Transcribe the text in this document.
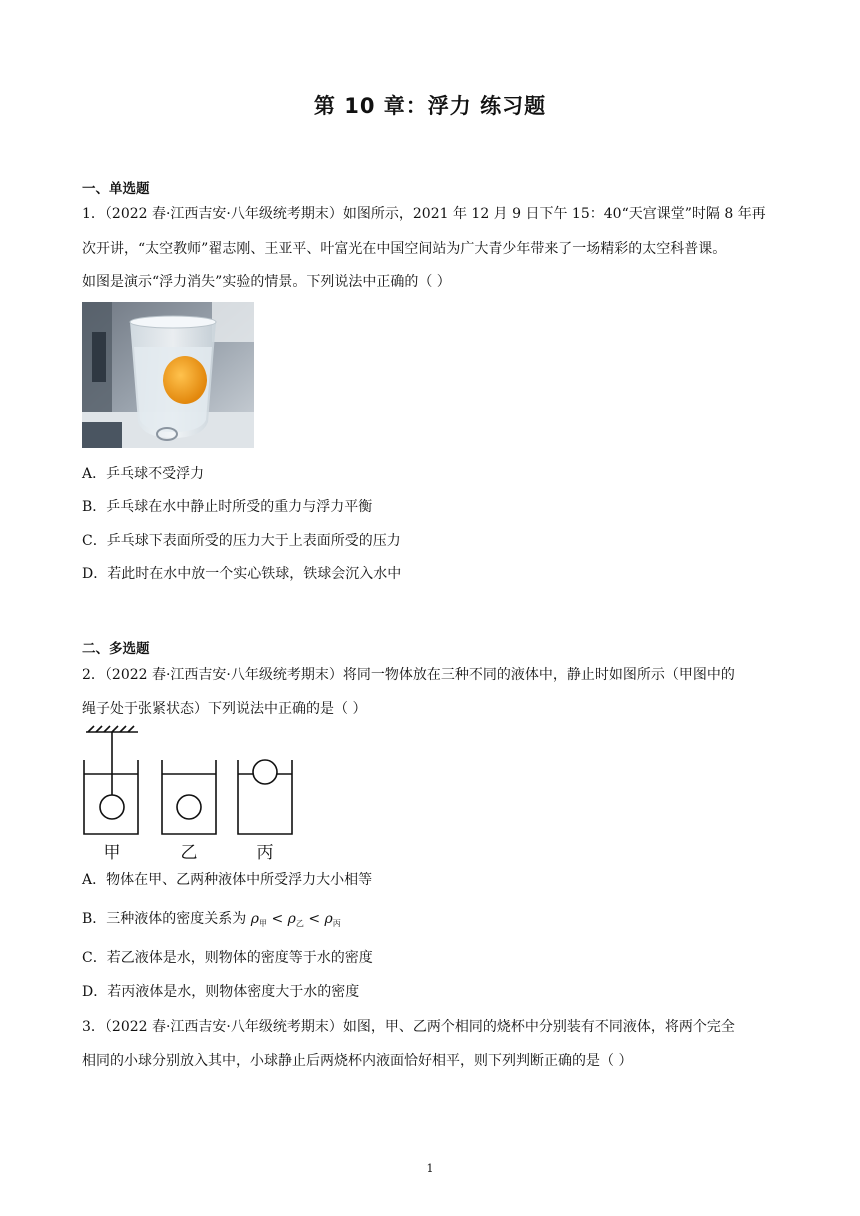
第 10 章：浮力 练习题
一、单选题
1．（2022 春·江西吉安·八年级统考期末）如图所示，2021 年 12 月 9 日下午 15：40“天宫课堂”时隔 8 年再
次开讲，“太空教师”翟志刚、王亚平、叶富光在中国空间站为广大青少年带来了一场精彩的太空科普课。
如图是演示“浮力消失”实验的情景。下列说法中正确的（ ）
A．乒乓球不受浮力
B．乒乓球在水中静止时所受的重力与浮力平衡
C．乒乓球下表面所受的压力大于上表面所受的压力
D．若此时在水中放一个实心铁球，铁球会沉入水中
二、多选题
2．（2022 春·江西吉安·八年级统考期末）将同一物体放在三种不同的液体中，静止时如图所示（甲图中的
绳子处于张紧状态）下列说法中正确的是（ ）
甲	乙	丙
A．物体在甲、乙两种液体中所受浮力大小相等
B．三种液体的密度关系为 $\rho_甲 < \rho_乙 < \rho_丙$
C．若乙液体是水，则物体的密度等于水的密度
D．若丙液体是水，则物体密度大于水的密度
3．（2022 春·江西吉安·八年级统考期末）如图，甲、乙两个相同的烧杯中分别装有不同液体，将两个完全
相同的小球分别放入其中，小球静止后两烧杯内液面恰好相平，则下列判断正确的是（ ）
1
